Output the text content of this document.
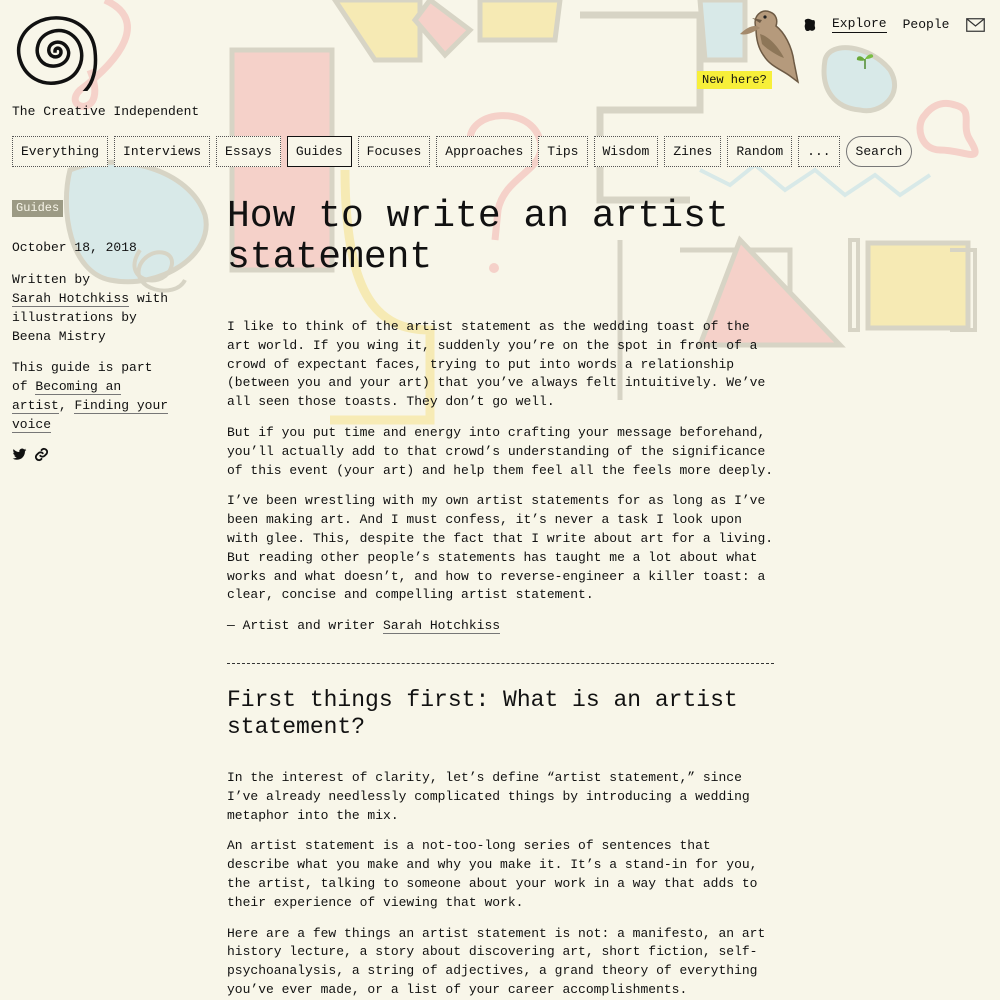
The Creative Independent
New here?
Explore People
Everything	Interviews	Essays	Guides	Focuses	Approaches	Tips	Wisdom	Zines	Random	...	Search
Guides
October 18, 2018
Written by
Sarah Hotchkiss with illustrations by Beena Mistry
This guide is part of Becoming an artist, Finding your voice
How to write an artist statement

I like to think of the artist statement as the wedding toast of the art world. If you wing it, suddenly you’re on the spot in front of a crowd of expectant faces, trying to put into words a relationship (between you and your art) that you’ve always felt intuitively. We’ve all seen those toasts. They don’t go well.

But if you put time and energy into crafting your message beforehand, you’ll actually add to that crowd’s understanding of the significance of this event (your art) and help them feel all the feels more deeply.

I’ve been wrestling with my own artist statements for as long as I’ve been making art. And I must confess, it’s never a task I look upon with glee. This, despite the fact that I write about art for a living. But reading other people’s statements has taught me a lot about what works and what doesn’t, and how to reverse-engineer a killer toast: a clear, concise and compelling artist statement.

— Artist and writer Sarah Hotchkiss

First things first: What is an artist statement?

In the interest of clarity, let’s define “artist statement,” since I’ve already needlessly complicated things by introducing a wedding metaphor into the mix.

An artist statement is a not-too-long series of sentences that describe what you make and why you make it. It’s a stand-in for you, the artist, talking to someone about your work in a way that adds to their experience of viewing that work.

Here are a few things an artist statement is not: a manifesto, an art history lecture, a story about discovering art, short fiction, self-psychoanalysis, a string of adjectives, a grand theory of everything you’ve ever made, or a list of your career accomplishments.
